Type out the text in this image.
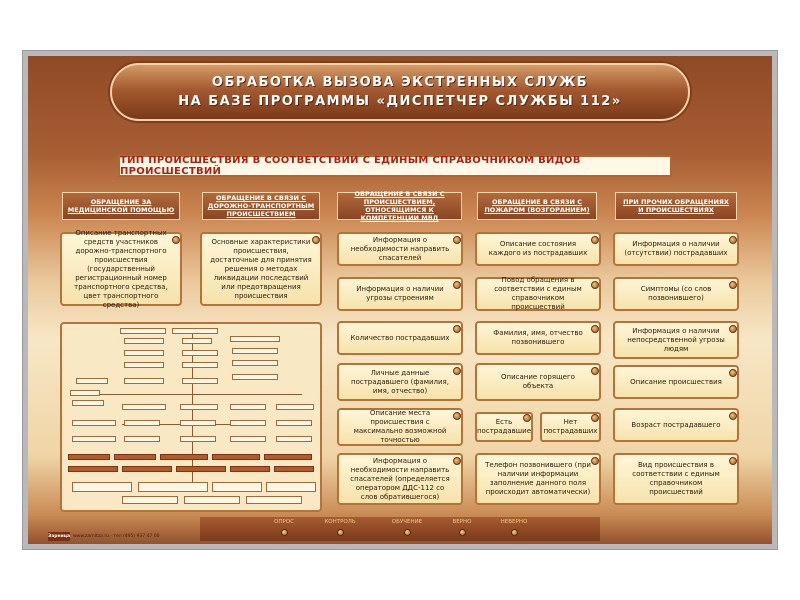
ОБРАБОТКА ВЫЗОВА ЭКСТРЕННЫХ СЛУЖБ
НА БАЗЕ ПРОГРАММЫ «ДИСПЕТЧЕР СЛУЖБЫ 112»
ТИП ПРОИСШЕСТВИЯ В СООТВЕТСТВИИ С ЕДИНЫМ СПРАВОЧНИКОМ ВИДОВ ПРОИСШЕСТВИЙ
ОБРАЩЕНИЕ ЗА МЕДИЦИНСКОЙ ПОМОЩЬЮ
ОБРАЩЕНИЕ В СВЯЗИ С ДОРОЖНО-ТРАНСПОРТНЫМ ПРОИСШЕСТВИЕМ
ОБРАЩЕНИЕ В СВЯЗИ С ПРОИСШЕСТВИЕМ, ОТНОСЯЩИМСЯ К КОМПЕТЕНЦИИ МВД
ОБРАЩЕНИЕ В СВЯЗИ С ПОЖАРОМ (ВОЗГОРАНИЕМ)
ПРИ ПРОЧИХ ОБРАЩЕНИЯХ И ПРОИСШЕСТВИЯХ
Описание транспортных средств участников дорожно-транспортного происшествия (государственный регистрационный номер транспортного средства, цвет транспортного средства)
Основные характеристики происшествия, достаточные для принятия решения о методах ликвидации последствий или предотвращения происшествия
Информация о необходимости направить спасателей
Информация о наличии угрозы строениям
Количество пострадавших
Личные данные пострадавшего (фамилия, имя, отчество)
Описание места происшествия с максимально возможной точностью
Информация о необходимости направить спасателей (определяется оператором ДДС-112 со слов обратившегося)
Описание состояния каждого из пострадавших
Повод обращения в соответствии с единым справочником происшествий
Фамилия, имя, отчество позвонившего
Описание горящего объекта
Есть пострадавшие
Нет пострадавших
Телефон позвонившего (при наличии информации заполнение данного поля происходит автоматически)
Информация о наличии (отсутствии) пострадавших
Симптомы (со слов позвонившего)
Информация о наличии непосредственной угрозы людям
Описание происшествия
Возраст пострадавшего
Вид происшествия в соответствии с единым справочником происшествий
ОПРОС	КОНТРОЛЬ	ОБУЧЕНИЕ	ВЕРНО	НЕВЕРНО
Зарница www.zarnitza.ru · тел (495) 937 47 00
